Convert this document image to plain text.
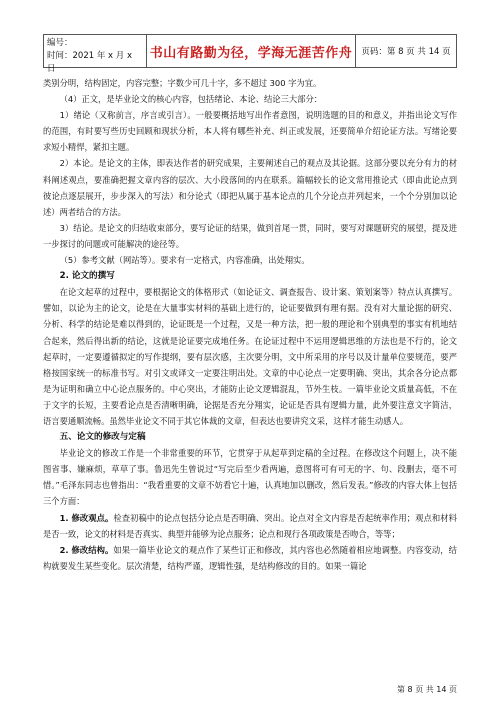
编号：
时间：2021 年 x 月 x 日
书山有路勤为径，学海无涯苦作舟	页码：第 8 页 共 14 页

类别分明，结构固定，内容完整；字数少可几十字，多不超过 300 字为宜。

（4）正文，是毕业论文的核心内容，包括绪论、本论、结论三大部分：

1）绪论（又称前言，序言或引言）。一般要概括地写出作者意图，说明选题的目的和意义，并指出论文写作的范围，有时要写些历史回顾和现状分析，本人将有哪些补充、纠正或发展，还要简单介绍论证方法。写绪论要求短小精悍，紧扣主题。

2）本论。是论文的主体，即表达作者的研究成果，主要阐述自己的观点及其论据。这部分要以充分有力的材料阐述观点，要准确把握文章内容的层次、大小段落间的内在联系。篇幅较长的论文常用推论式（即由此论点到彼论点逐层展开，步步深入的写法）和分论式（即把从属于基本论点的几个分论点并列起来，一个个分别加以论述）两者结合的方法。

3）结论。是论文的归结收束部分，要写论证的结果，做到首尾一贯，同时，要写对课题研究的展望，提及进一步探讨的问题或可能解决的途径等。

（5）参考文献（网站等）。要求有一定格式，内容准确，出处翔实。

2. 论文的撰写

在论文起草的过程中，要根据论文的体格形式（如论证文、调查报告、设计案、策划案等）特点认真撰写。譬如，以论为主的论文，论是在大量事实材料的基础上进行的，论证要做到有理有据。没有对大量论据的研究、分析、科学的结论是难以得到的，论证既是一个过程，又是一种方法，把一般的理论和个别典型的事实有机地结合起来，然后得出新的结论，这就是论证要完成地任务。在论证过程中不运用逻辑思维的方法也是不行的，论文起草时，一定要遵循拟定的写作提纲，要有层次感，主次要分明，文中所采用的序号以及计量单位要规范，要严格按国家统一的标准书写。对引文或译文一定要注明出处。文章的中心论点一定要明确、突出，其余各分论点都是为证明和确立中心论点服务的。中心突出，才能防止论文逻辑混乱，节外生枝。一篇毕业论文质量高低，不在于文字的长短，主要看论点是否清晰明确，论据是否充分翔实，论证是否具有逻辑力量，此外要注意文字简洁，语言要通顺流畅。虽然毕业论文不同于其它体裁的文章，但表达也要讲究文采，这样才能生动感人。

五、论文的修改与定稿

毕业论文的修改工作是一个非常重要的环节，它贯穿于从起草到定稿的全过程。在修改这个问题上，决不能图省事、嫌麻烦，草草了事。鲁迅先生曾说过“写完后至少看两遍，意图将可有可无的字、句、段删去，毫不可惜。”毛泽东同志也曾指出：“我看重要的文章不妨看它十遍，认真地加以删改，然后发表。”修改的内容大体上包括三个方面：

1. 修改观点。检查初稿中的论点包括分论点是否明确、突出。论点对全文内容是否起统率作用；观点和材料是否一致，论文的材料是否真实、典型并能够为论点服务；论点和现行各项政策是否吻合，等等；

2. 修改结构。如果一篇毕业论文的观点作了某些订正和修改，其内容也必然随着相应地调整。内容变动，结构就要发生某些变化。层次清楚，结构严谨，逻辑性强，是结构修改的目的。如果一篇论

第 8 页 共 14 页
